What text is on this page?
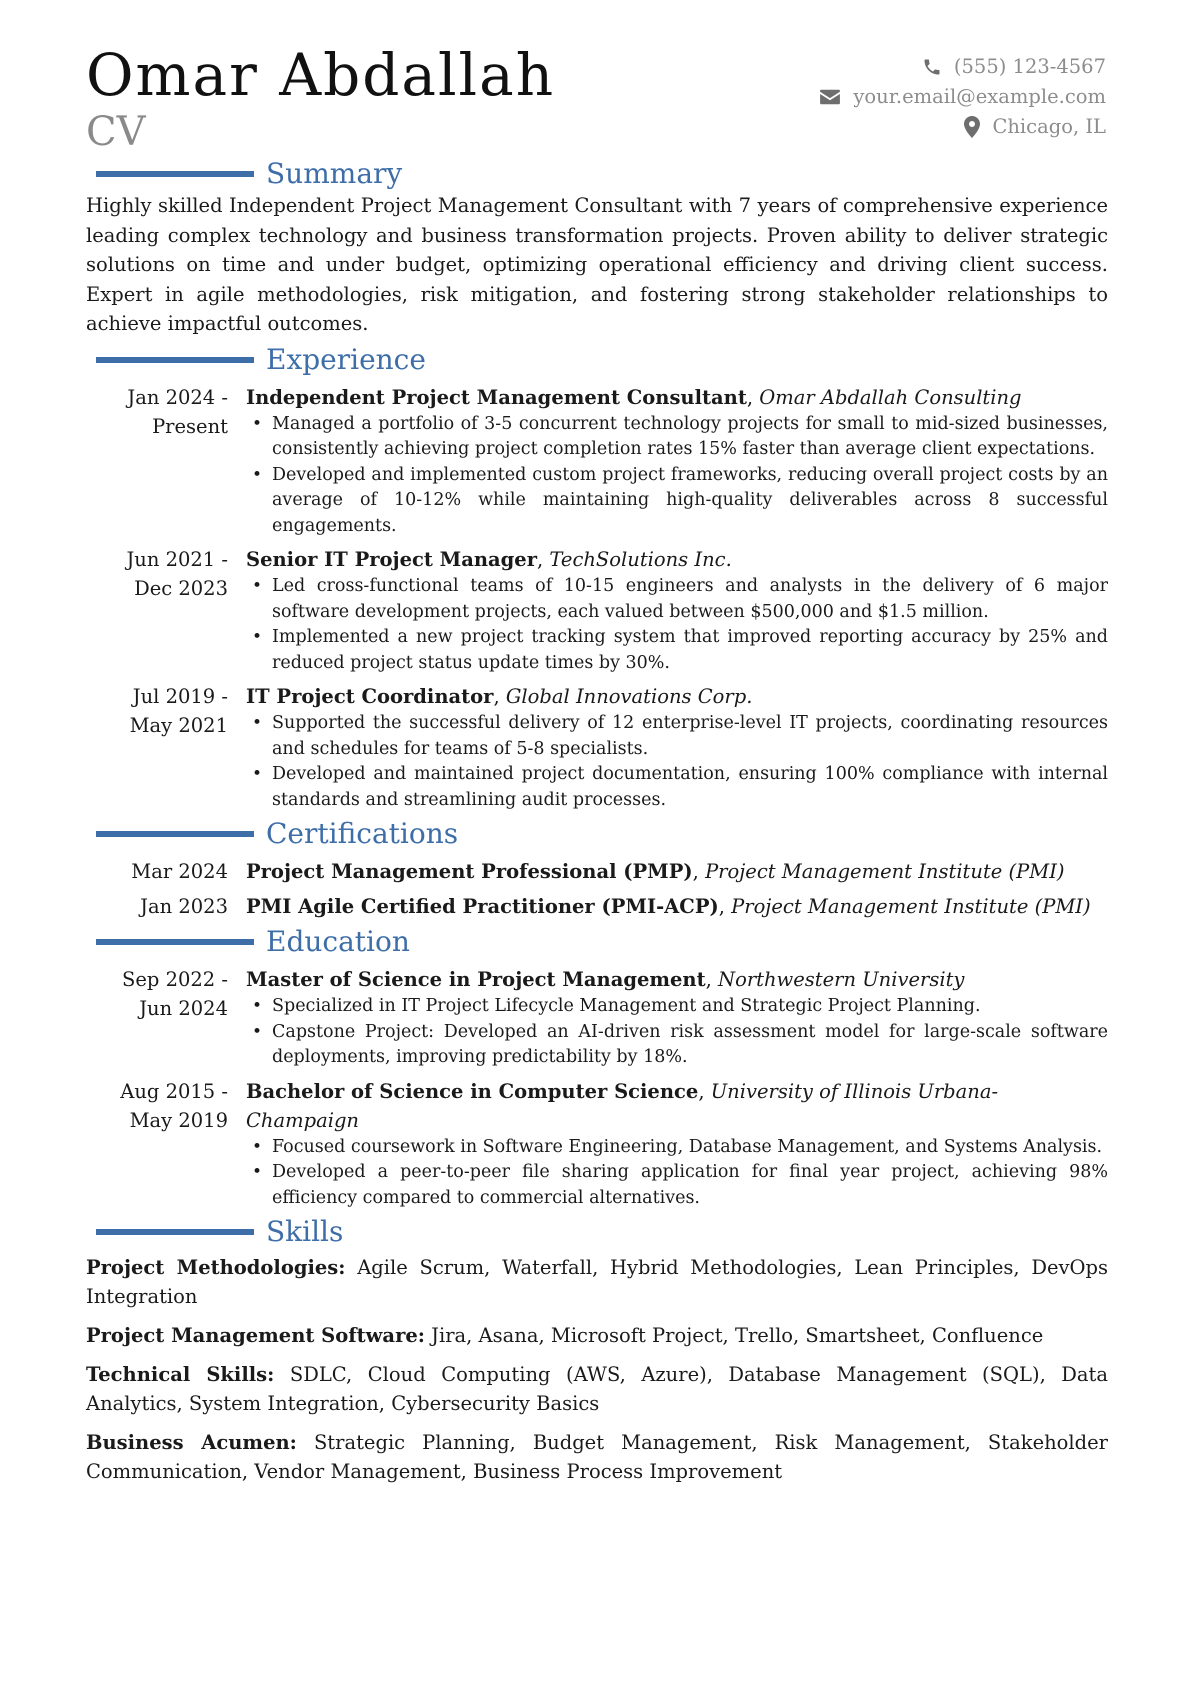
Omar Abdallah
CV
(555) 123-4567
your.email@example.com
Chicago, IL
Summary

Highly skilled Independent Project Management Consultant with 7 years of comprehensive experience leading complex technology and business transformation projects. Proven ability to deliver strategic solutions on time and under budget, optimizing operational efficiency and driving client success. Expert in agile methodologies, risk mitigation, and fostering strong stakeholder relationships to achieve impactful outcomes.

Experience
Jan 2024 - Present
Independent Project Management Consultant, Omar Abdallah Consulting
• Managed a portfolio of 3-5 concurrent technology projects for small to mid-sized businesses, consistently achieving project completion rates 15% faster than average client expectations.
• Developed and implemented custom project frameworks, reducing overall project costs by an average of 10-12% while maintaining high-quality deliverables across 8 successful engagements.
Jun 2021 - Dec 2023
Senior IT Project Manager, TechSolutions Inc.
• Led cross-functional teams of 10-15 engineers and analysts in the delivery of 6 major software development projects, each valued between $500,000 and $1.5 million.
• Implemented a new project tracking system that improved reporting accuracy by 25% and reduced project status update times by 30%.
Jul 2019 - May 2021
IT Project Coordinator, Global Innovations Corp.
• Supported the successful delivery of 12 enterprise-level IT projects, coordinating resources and schedules for teams of 5-8 specialists.
• Developed and maintained project documentation, ensuring 100% compliance with internal standards and streamlining audit processes.
Certifications
Mar 2024 Project Management Professional (PMP), Project Management Institute (PMI)
Jan 2023 PMI Agile Certified Practitioner (PMI-ACP), Project Management Institute (PMI)
Education
Sep 2022 - Jun 2024
Master of Science in Project Management, Northwestern University
• Specialized in IT Project Lifecycle Management and Strategic Project Planning.
• Capstone Project: Developed an AI-driven risk assessment model for large-scale software deployments, improving predictability by 18%.
Aug 2015 - May 2019
Bachelor of Science in Computer Science, University of Illinois Urbana-Champaign
• Focused coursework in Software Engineering, Database Management, and Systems Analysis.
• Developed a peer-to-peer file sharing application for final year project, achieving 98% efficiency compared to commercial alternatives.
Skills

Project Methodologies: Agile Scrum, Waterfall, Hybrid Methodologies, Lean Principles, DevOps Integration

Project Management Software: Jira, Asana, Microsoft Project, Trello, Smartsheet, Confluence

Technical Skills: SDLC, Cloud Computing (AWS, Azure), Database Management (SQL), Data Analytics, System Integration, Cybersecurity Basics

Business Acumen: Strategic Planning, Budget Management, Risk Management, Stakeholder Communication, Vendor Management, Business Process Improvement
